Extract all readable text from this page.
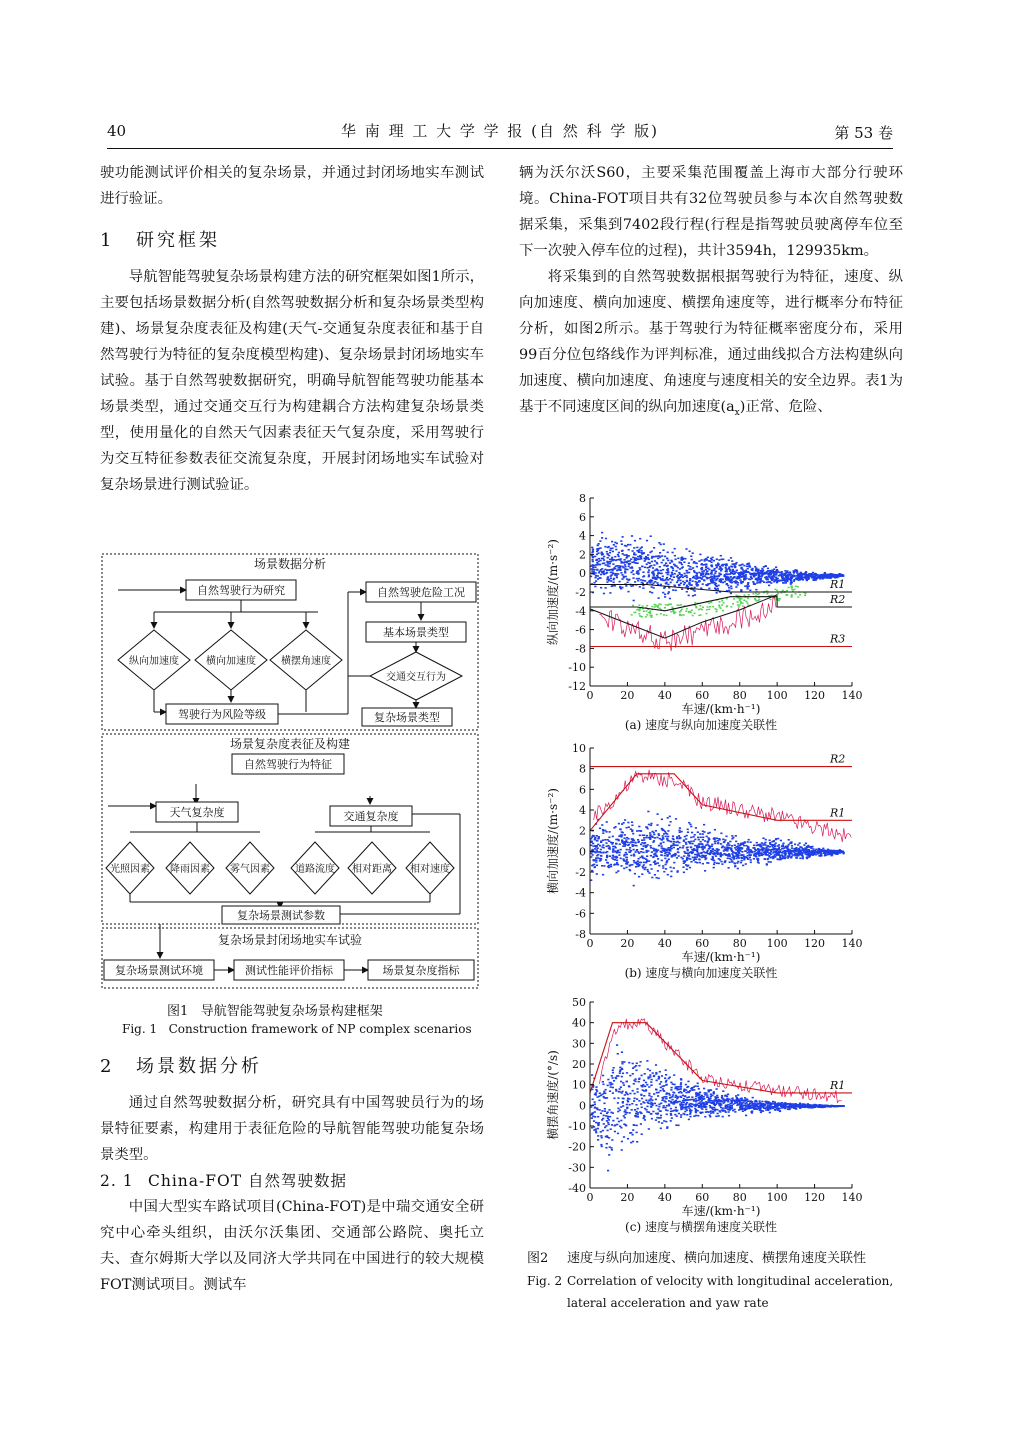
40	华 南 理 工 大 学 学 报 (自 然 科 学 版)	第 53 卷

驶功能测试评价相关的复杂场景，并通过封闭场地实车测试进行验证。

1 研究框架

导航智能驾驶复杂场景构建方法的研究框架如图1所示，主要包括场景数据分析(自然驾驶数据分析和复杂场景类型构建)、场景复杂度表征及构建(天气-交通复杂度表征和基于自然驾驶行为特征的复杂度模型构建)、复杂场景封闭场地实车试验。基于自然驾驶数据研究，明确导航智能驾驶功能基本场景类型，通过交通交互行为构建耦合方法构建复杂场景类型，使用量化的自然天气因素表征天气复杂度，采用驾驶行为交互特征参数表征交流复杂度，开展封闭场地实车试验对复杂场景进行测试验证。

场景数据分析
自然驾驶行为研究
纵向加速度	横向加速度	横摆角速度
驾驶行为风险等级
自然驾驶危险工况
基本场景类型
交通交互行为
复杂场景类型
场景复杂度表征及构建
自然驾驶行为特征
天气复杂度	交通复杂度
光照因素 降雨因素 雾气因素	道路流度 相对距离 相对速度
复杂场景测试参数
复杂场景封闭场地实车试验
复杂场景测试环境	测试性能评价指标	场景复杂度指标
图1 导航智能驾驶复杂场景构建框架
Fig. 1 Construction framework of NP complex scenarios
2 场景数据分析

通过自然驾驶数据分析，研究具有中国驾驶员行为的场景特征要素，构建用于表征危险的导航智能驾驶功能复杂场景类型。

2. 1 China-FOT 自然驾驶数据

中国大型实车路试项目(China-FOT)是中瑞交通安全研究中心牵头组织，由沃尔沃集团、交通部公路院、奥托立夫、查尔姆斯大学以及同济大学共同在中国进行的较大规模FOT测试项目。测试车

辆为沃尔沃S60，主要采集范围覆盖上海市大部分行驶环境。China-FOT项目共有32位驾驶员参与本次自然驾驶数据采集，采集到7402段行程(行程是指驾驶员驶离停车位至下一次驶入停车位的过程)，共计3594h，129935km。

将采集到的自然驾驶数据根据驾驶行为特征，速度、纵向加速度、横向加速度、横摆角速度等，进行概率分布特征分析，如图2所示。基于驾驶行为特征概率密度分布，采用99百分位包络线作为评判标准，通过曲线拟合方法构建纵向加速度、横向加速度、角速度与速度相关的安全边界。表1为基于不同速度区间的纵向加速度$(a_x)$正常、危险、

R1
R2
R3
-12
-10
-8
-6
-4
-2
0
2
4
6
8
0 20 40 60 80 100 120 140
车速/(km·h⁻¹)
纵向加速度/(m·s⁻²)
(a) 速度与纵向加速度关联性
R2
R1
-8
-6
-4
-2
0
2
4
6
8
10
0 20 40 60 80 100 120 140
车速/(km·h⁻¹)
横向加速度/(m·s⁻²)
(b) 速度与横向加速度关联性
R1
-40
-30
-20
-10
0
10
20
30
40
50
0 20 40 60 80 100 120 140
车速/(km·h⁻¹)
横摆角速度/(°/s)
(c) 速度与横摆角速度关联性
图2	速度与纵向加速度、横向加速度、横摆角速度关联性
Fig. 2 Correlation of velocity with longitudinal acceleration, lateral acceleration and yaw rate
